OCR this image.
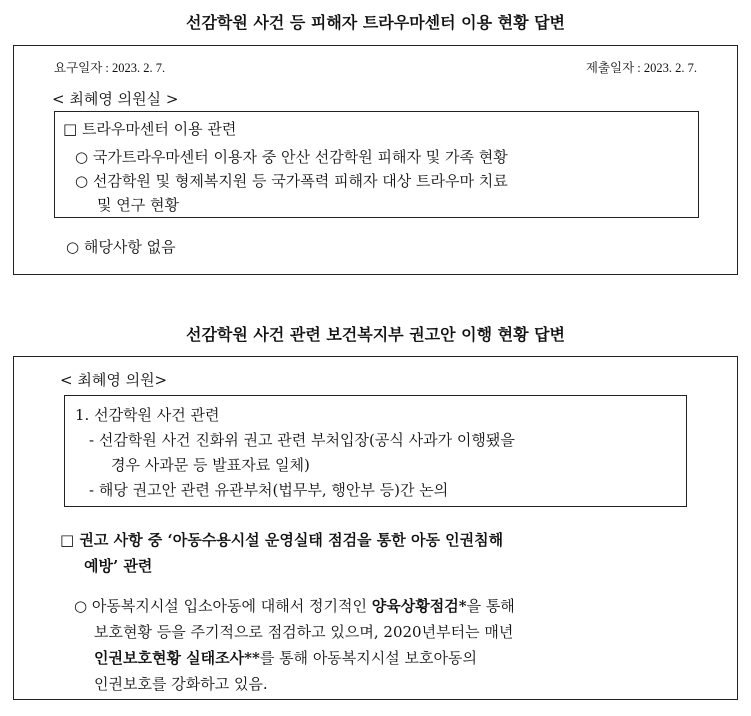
선감학원 사건 등 피해자 트라우마센터 이용 현황 답변
요구일자 : 2023. 2. 7.	제출일자 : 2023. 2. 7.
< 최혜영 의원실 >
□ 트라우마센터 이용 관련
○ 국가트라우마센터 이용자 중 안산 선감학원 피해자 및 가족 현황
○ 선감학원 및 형제복지원 등 국가폭력 피해자 대상 트라우마 치료
및 연구 현황
○ 해당사항 없음
선감학원 사건 관련 보건복지부 권고안 이행 현황 답변
< 최혜영 의원>
1. 선감학원 사건 관련
- 선감학원 사건 진화위 권고 관련 부처입장(공식 사과가 이행됐을
경우 사과문 등 발표자료 일체)
- 해당 권고안 관련 유관부처(법무부, 행안부 등)간 논의
□ 권고 사항 중 ‘아동수용시설 운영실태 점검을 통한 아동 인권침해
예방’ 관련
○ 아동복지시설 입소아동에 대해서 정기적인 양육상황점검*을 통해
보호현황 등을 주기적으로 점검하고 있으며, 2020년부터는 매년
인권보호현황 실태조사**를 통해 아동복지시설 보호아동의
인권보호를 강화하고 있음.
